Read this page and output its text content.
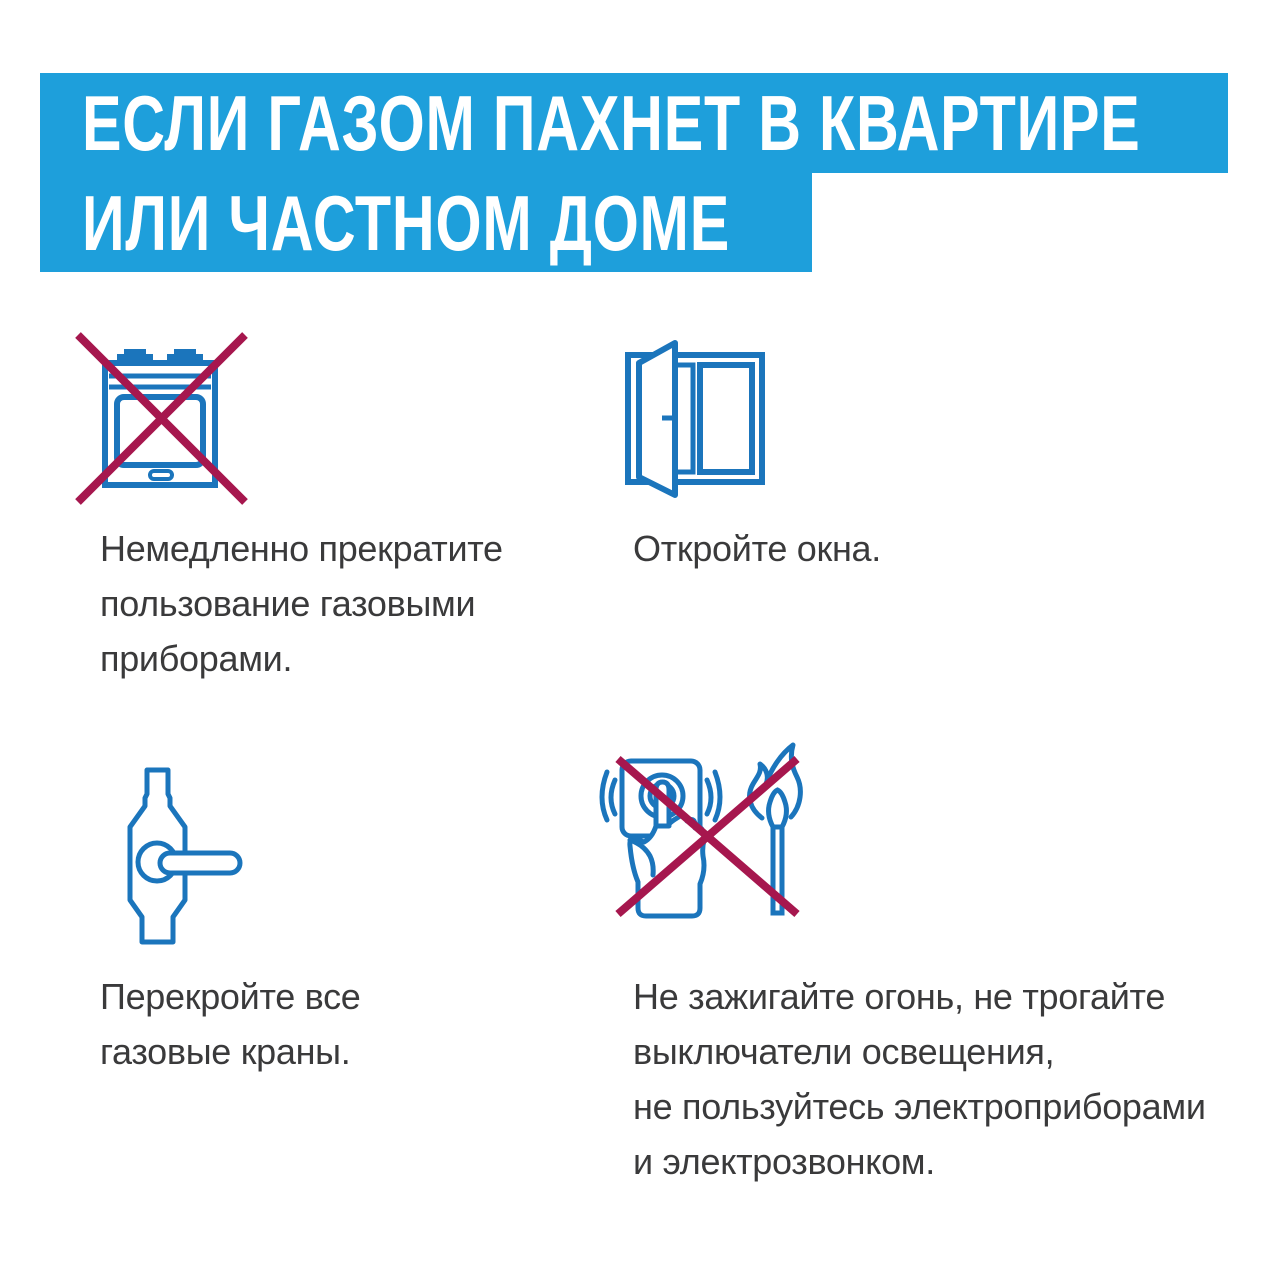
ЕСЛИ ГАЗОМ ПАХНЕТ В КВАРТИРЕ
ИЛИ ЧАСТНОМ ДОМЕ
Немедленно прекратите
пользование газовыми
приборами.
Откройте окна.
Перекройте все
газовые краны.
Не зажигайте огонь, не трогайте
выключатели освещения,
не пользуйтесь электроприборами
и электрозвонком.
